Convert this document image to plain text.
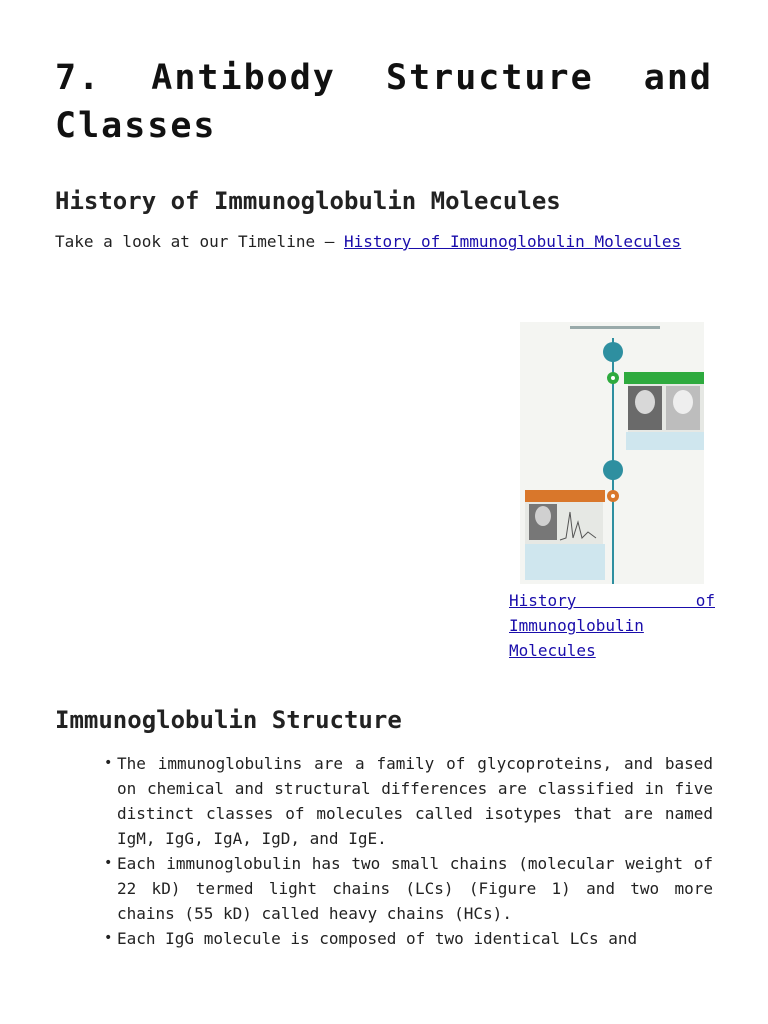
7. Antibody Structure and Classes
History of Immunoglobulin Molecules

Take a look at our Timeline – History of Immunoglobulin Molecules

History of Immunoglobulin Molecules
Immunoglobulin Structure
• The immunoglobulins are a family of glycoproteins, and based on chemical and structural differences are classified in five distinct classes of molecules called isotypes that are named IgM, IgG, IgA, IgD, and IgE.
• Each immunoglobulin has two small chains (molecular weight of 22 kD) termed light chains (LCs) (Figure 1) and two more chains (55 kD) called heavy chains (HCs).
• Each IgG molecule is composed of two identical LCs and
